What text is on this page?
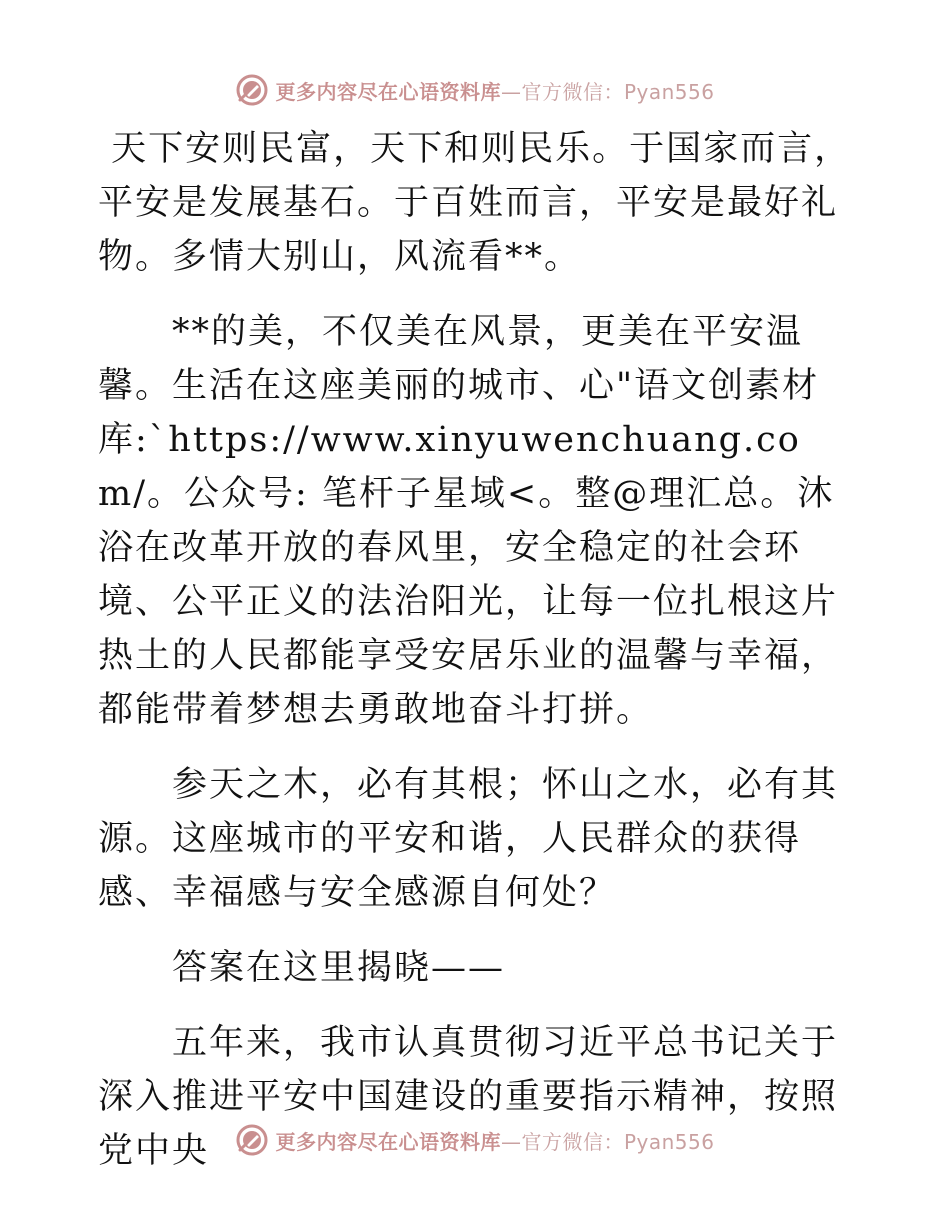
更多内容尽在心语资料库—官方微信：Pyan556

天下安则民富，天下和则民乐。于国家而言，平安是发展基石。于百姓而言，平安是最好礼物。多情大别山，风流看**。

　　**的美，不仅美在风景，更美在平安温馨。生活在这座美丽的城市、心"语文创素材库:`https://www.xinyuwenchuang.com/。公众号: 笔杆子星域<。整@理汇总。沐浴在改革开放的春风里，安全稳定的社会环境、公平正义的法治阳光，让每一位扎根这片热土的人民都能享受安居乐业的温馨与幸福，都能带着梦想去勇敢地奋斗打拼。

　　参天之木，必有其根；怀山之水，必有其源。这座城市的平安和谐，人民群众的获得感、幸福感与安全感源自何处？

　　答案在这里揭晓——

　　五年来，我市认真贯彻习近平总书记关于深入推进平安中国建设的重要指示精神，按照党中央	更多内容尽在心语资料库—官方微信：Pyan556
